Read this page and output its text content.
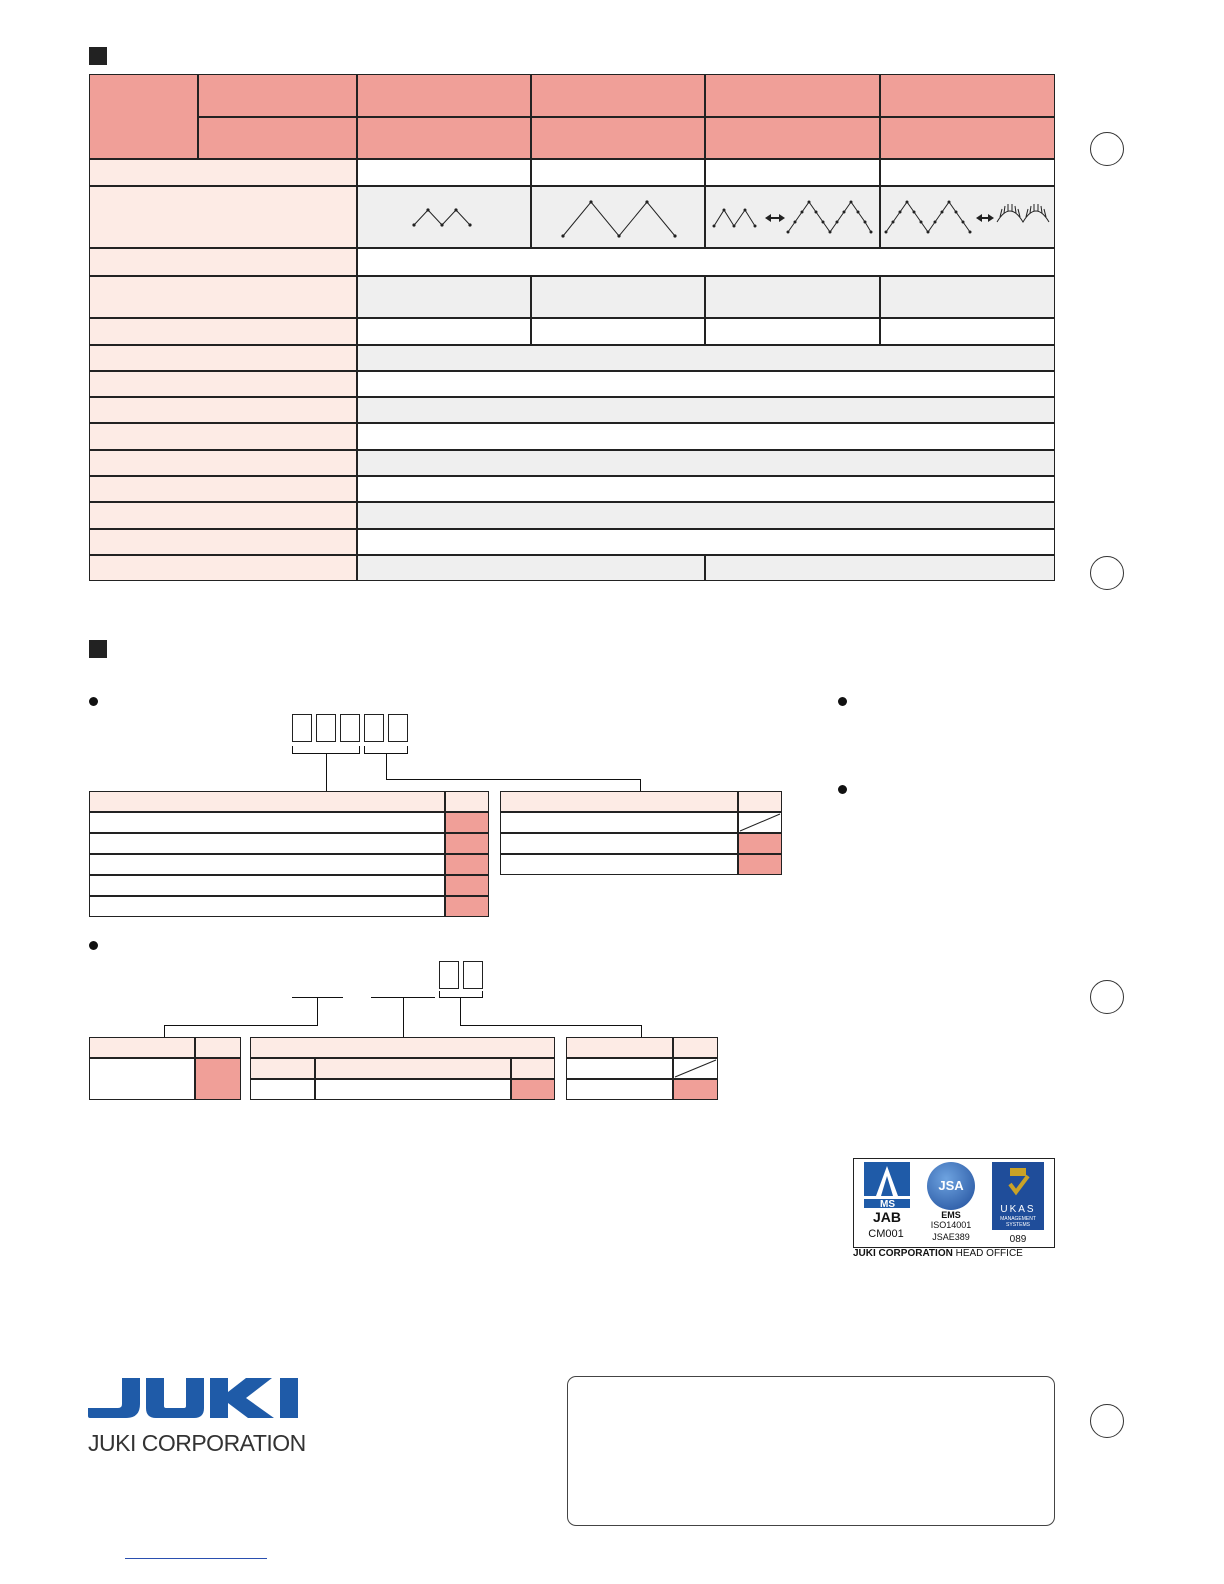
MS
JAB
CM001
JSA
EMS
ISO14001
JSAE389
UKAS
MANAGEMENT SYSTEMS
089
JUKI CORPORATION HEAD OFFICE
JUKI CORPORATION
